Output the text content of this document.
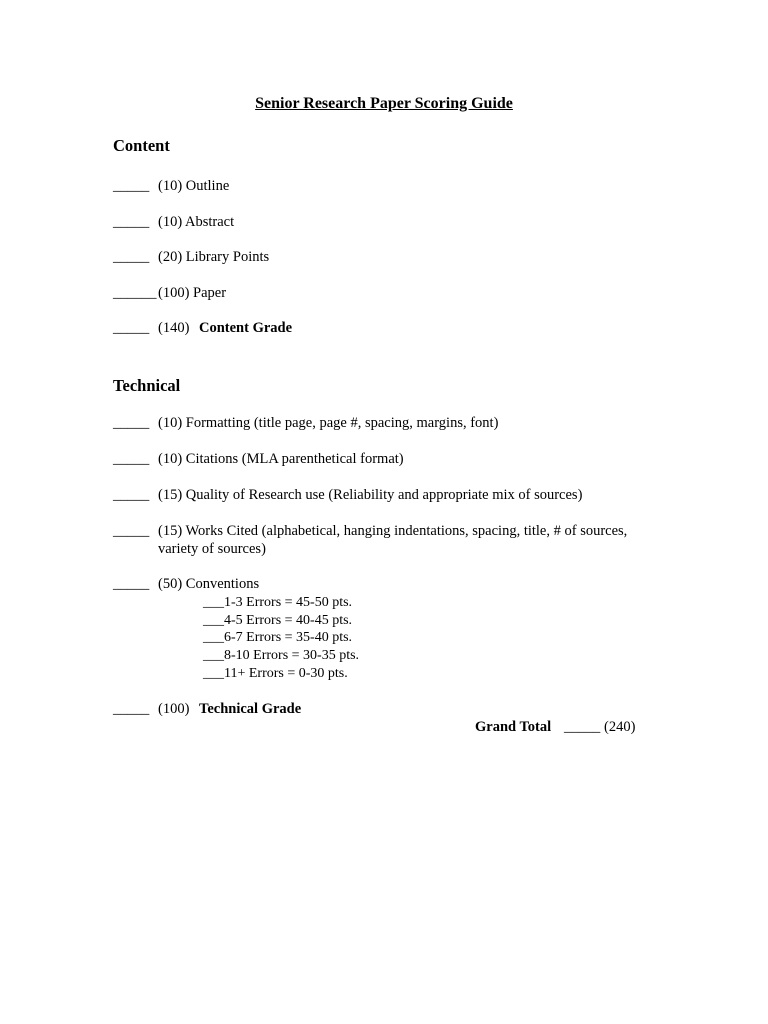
Senior Research Paper Scoring Guide
Content
_____ (10) Outline
_____ (10) Abstract
_____ (20) Library Points
______ (100) Paper
_____ (140) Content Grade
Technical
_____ (10) Formatting (title page, page #, spacing, margins, font)
_____ (10) Citations (MLA parenthetical format)
_____ (15) Quality of Research use (Reliability and appropriate mix of sources)
_____ (15) Works Cited (alphabetical, hanging indentations, spacing, title, # of sources,
variety of sources)
_____ (50) Conventions
___1-3 Errors = 45-50 pts.
___4-5 Errors = 40-45 pts.
___6-7 Errors = 35-40 pts.
___8-10 Errors = 30-35 pts.
___11+ Errors = 0-30 pts.
_____ (100) Technical Grade
Grand Total _____ (240)
